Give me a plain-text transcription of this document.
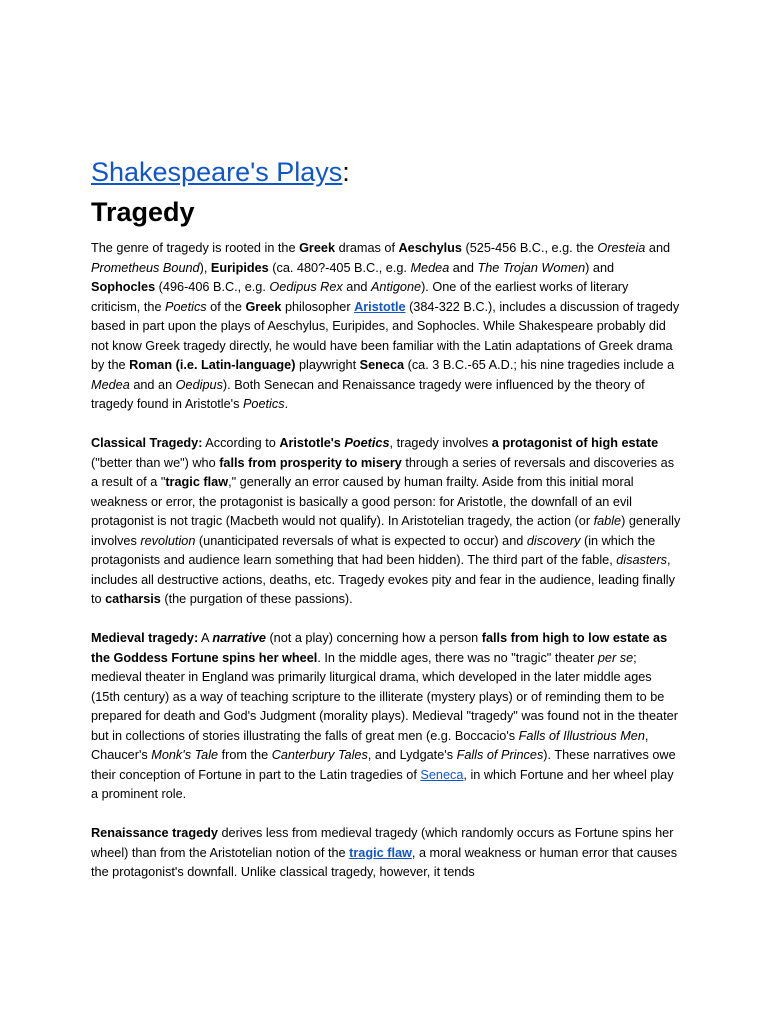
Shakespeare's Plays:
Tragedy

The genre of tragedy is rooted in the Greek dramas of Aeschylus (525-456 B.C., e.g. the Oresteia and Prometheus Bound), Euripides (ca. 480?-405 B.C., e.g. Medea and The Trojan Women) and Sophocles (496-406 B.C., e.g. Oedipus Rex and Antigone). One of the earliest works of literary criticism, the Poetics of the Greek philosopher Aristotle (384-322 B.C.), includes a discussion of tragedy based in part upon the plays of Aeschylus, Euripides, and Sophocles. While Shakespeare probably did not know Greek tragedy directly, he would have been familiar with the Latin adaptations of Greek drama by the Roman (i.e. Latin-language) playwright Seneca (ca. 3 B.C.-65 A.D.; his nine tragedies include a Medea and an Oedipus). Both Senecan and Renaissance tragedy were influenced by the theory of tragedy found in Aristotle's Poetics.

Classical Tragedy: According to Aristotle's Poetics, tragedy involves a protagonist of high estate ("better than we") who falls from prosperity to misery through a series of reversals and discoveries as a result of a "tragic flaw," generally an error caused by human frailty. Aside from this initial moral weakness or error, the protagonist is basically a good person: for Aristotle, the downfall of an evil protagonist is not tragic (Macbeth would not qualify). In Aristotelian tragedy, the action (or fable) generally involves revolution (unanticipated reversals of what is expected to occur) and discovery (in which the protagonists and audience learn something that had been hidden). The third part of the fable, disasters, includes all destructive actions, deaths, etc. Tragedy evokes pity and fear in the audience, leading finally to catharsis (the purgation of these passions).

Medieval tragedy: A narrative (not a play) concerning how a person falls from high to low estate as the Goddess Fortune spins her wheel. In the middle ages, there was no "tragic" theater per se; medieval theater in England was primarily liturgical drama, which developed in the later middle ages (15th century) as a way of teaching scripture to the illiterate (mystery plays) or of reminding them to be prepared for death and God's Judgment (morality plays). Medieval "tragedy" was found not in the theater but in collections of stories illustrating the falls of great men (e.g. Boccacio's Falls of Illustrious Men, Chaucer's Monk's Tale from the Canterbury Tales, and Lydgate's Falls of Princes). These narratives owe their conception of Fortune in part to the Latin tragedies of Seneca, in which Fortune and her wheel play a prominent role.

Renaissance tragedy derives less from medieval tragedy (which randomly occurs as Fortune spins her wheel) than from the Aristotelian notion of the tragic flaw, a moral weakness or human error that causes the protagonist's downfall. Unlike classical tragedy, however, it tends
